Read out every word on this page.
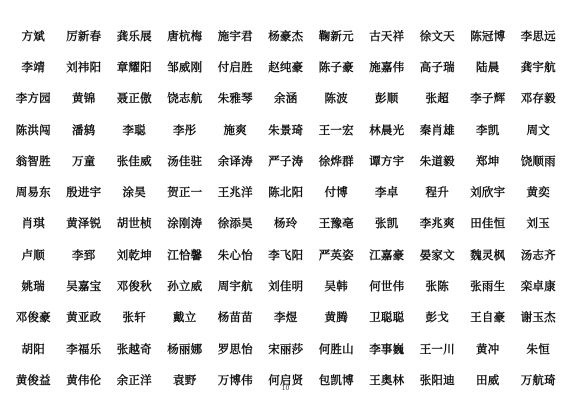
方斌	厉新春	龚乐展	唐杭梅	施宇君	杨豪杰	鞠新元	古天祥	徐文天	陈冠博	李思远
李靖	刘祎阳	章耀阳	邹威刚	付启胜	赵纯豪	陈子豪	施嘉伟	高子瑞	陆晨	龚宇航
李方园	黄锦	聂正傲	饶志航	朱雅琴	余涵	陈波	彭顺	张超	李子辉	邓存毅
陈洪闯	潘鸫	李聪	李彤	施爽	朱景琦	王一宏	林晨光	秦肖雄	李凯	周文
翁智胜	万童	张佳威	汤佳驻	余译涛	严子涛	徐烨群	谭方宇	朱道毅	郑坤	饶顺雨
周易东	殷进宇	涂昊	贺正一	王兆洋	陈北阳	付博	李卓	程升	刘欣宇	黄奕
肖琪	黄泽锐	胡世桢	涂刚涛	徐添昊	杨玲	王豫亳	张凯	李兆爽	田佳恒	刘玉
卢顺	李郅	刘乾坤	江恰馨	朱心怡	李飞阳	严英姿	江嘉豪	晏家文	魏灵枫	汤志齐
姚瑞	吴嘉宝	邓俊秋	孙立威	周宇航	刘佳明	吴韩	何世伟	张陈	张雨生	栾卓康
邓俊豪	黄亚政	张轩	戴立	杨苗苗	李煜	黄腾	卫聪聪	彭戈	王自豪	谢玉杰
胡阳	李福乐	张越奇	杨丽娜	罗思怡	宋丽莎	何胜山	李事巍	王一川	黄冲	朱恒
黄俊益	黄伟伦	余正洋	袁野	万博伟	何启贤	包凯博	王奥林	张阳迪	田威	万航琦
10
